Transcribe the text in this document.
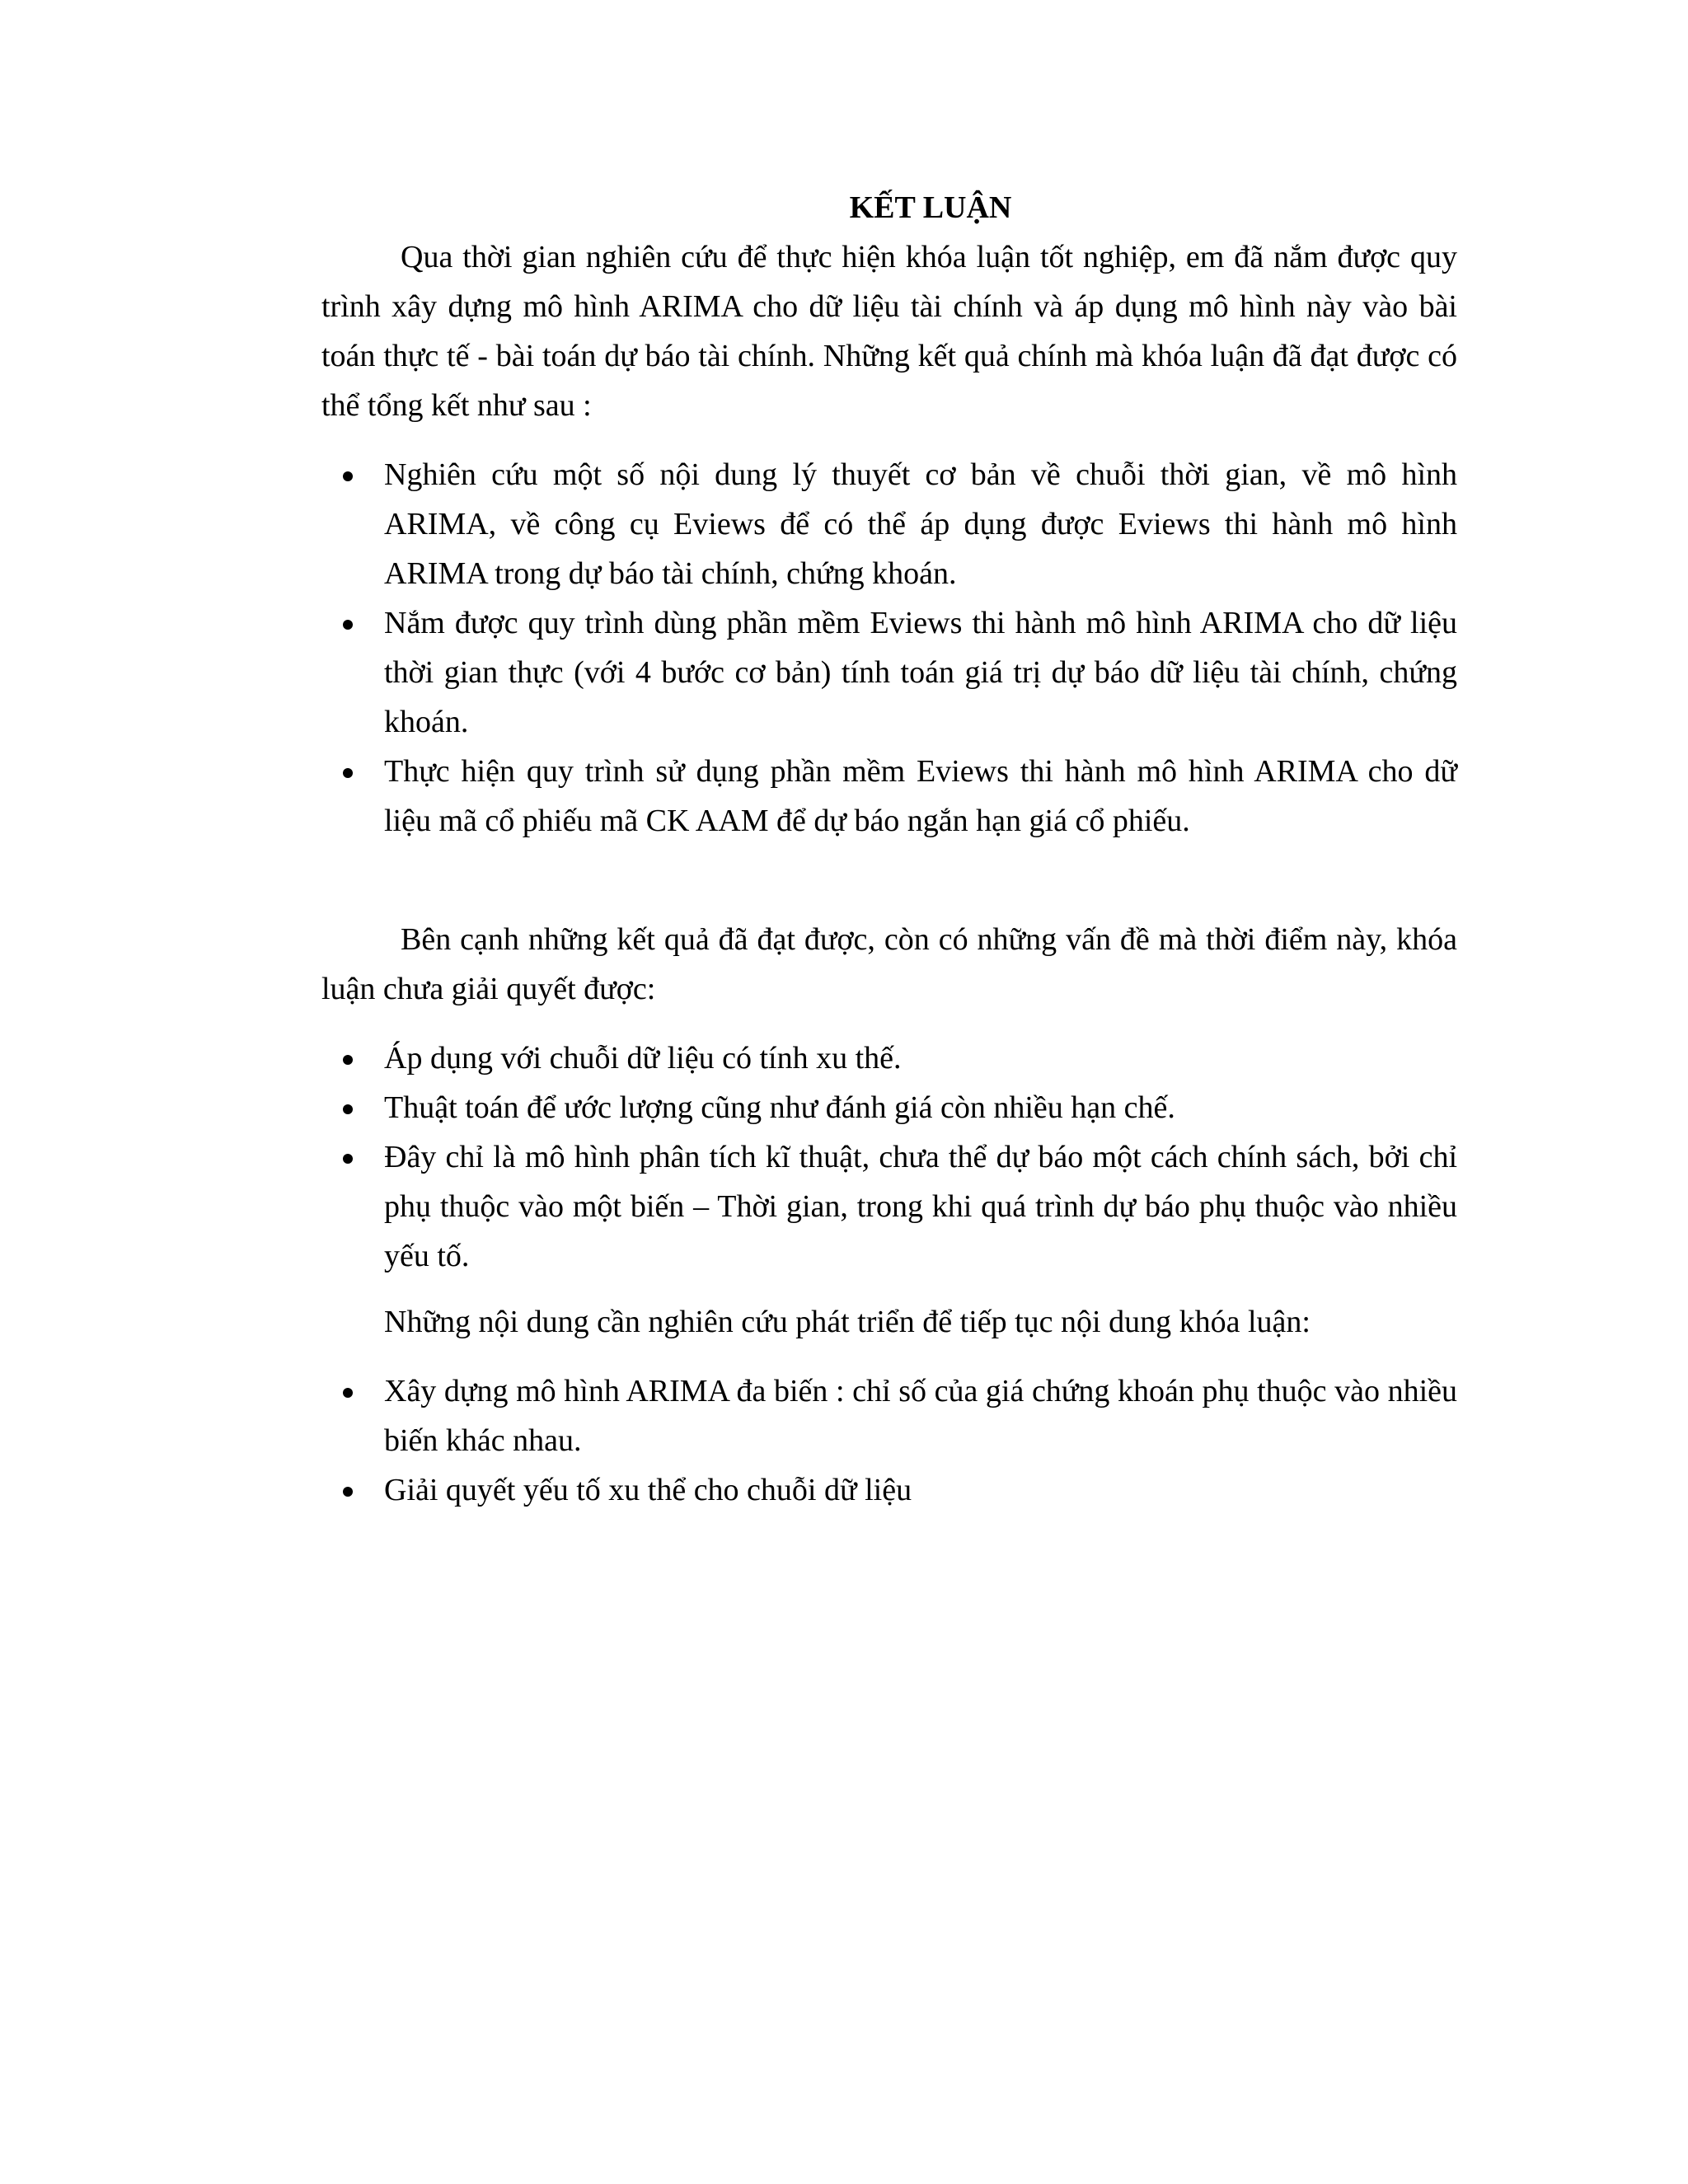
KẾT LUẬN

Qua thời gian nghiên cứu để thực hiện khóa luận tốt nghiệp, em đã nắm được quy trình xây dựng mô hình ARIMA cho dữ liệu tài chính và áp dụng mô hình này vào bài toán thực tế - bài toán dự báo tài chính. Những kết quả chính mà khóa luận đã đạt được có thể tổng kết như sau :

Nghiên cứu một số nội dung lý thuyết cơ bản về chuỗi thời gian, về mô hình ARIMA, về công cụ Eviews để có thể áp dụng được Eviews thi hành mô hình ARIMA trong dự báo tài chính, chứng khoán.
Nắm được quy trình dùng phần mềm Eviews thi hành mô hình ARIMA cho dữ liệu thời gian thực (với 4 bước cơ bản) tính toán giá trị dự báo dữ liệu tài chính, chứng khoán.
Thực hiện quy trình sử dụng phần mềm Eviews thi hành mô hình ARIMA cho dữ liệu mã cổ phiếu mã CK AAM để dự báo ngắn hạn giá cổ phiếu.

Bên cạnh những kết quả đã đạt được, còn có những vấn đề mà thời điểm này, khóa luận chưa giải quyết được:

Áp dụng với chuỗi dữ liệu có tính xu thế.
Thuật toán để ước lượng cũng như đánh giá còn nhiều hạn chế.
Đây chỉ là mô hình phân tích kĩ thuật, chưa thể dự báo một cách chính sách, bởi chỉ phụ thuộc vào một biến – Thời gian, trong khi quá trình dự báo phụ thuộc vào nhiều yếu tố.

Những nội dung cần nghiên cứu phát triển để tiếp tục nội dung khóa luận:

Xây dựng mô hình ARIMA đa biến : chỉ số của giá chứng khoán phụ thuộc vào nhiều biến khác nhau.
Giải quyết yếu tố xu thể cho chuỗi dữ liệu
